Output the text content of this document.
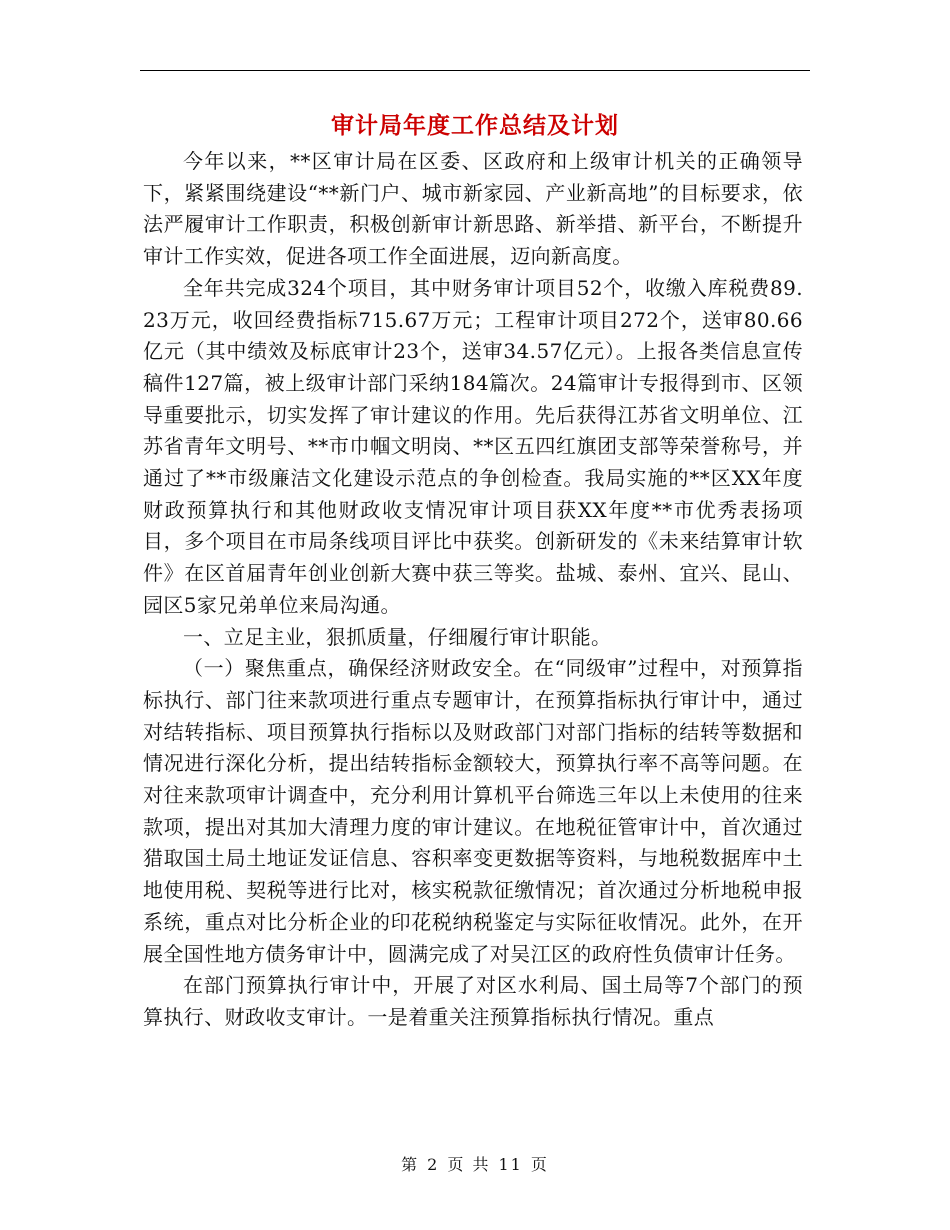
审计局年度工作总结及计划

今年以来，**区审计局在区委、区政府和上级审计机关的正确领导下，紧紧围绕建设“**新门户、城市新家园、产业新高地”的目标要求，依法严履审计工作职责，积极创新审计新思路、新举措、新平台，不断提升审计工作实效，促进各项工作全面进展，迈向新高度。

全年共完成324个项目，其中财务审计项目52个，收缴入库税费89.23万元，收回经费指标715.67万元；工程审计项目272个，送审80.66亿元（其中绩效及标底审计23个，送审34.57亿元）。上报各类信息宣传稿件127篇，被上级审计部门采纳184篇次。24篇审计专报得到市、区领导重要批示，切实发挥了审计建议的作用。先后获得江苏省文明单位、江苏省青年文明号、**市巾帼文明岗、**区五四红旗团支部等荣誉称号，并通过了**市级廉洁文化建设示范点的争创检查。我局实施的**区XX年度财政预算执行和其他财政收支情况审计项目获XX年度**市优秀表扬项目，多个项目在市局条线项目评比中获奖。创新研发的《未来结算审计软件》在区首届青年创业创新大赛中获三等奖。盐城、泰州、宜兴、昆山、园区5家兄弟单位来局沟通。

一、立足主业，狠抓质量，仔细履行审计职能。

（一）聚焦重点，确保经济财政安全。在“同级审”过程中，对预算指标执行、部门往来款项进行重点专题审计，在预算指标执行审计中，通过对结转指标、项目预算执行指标以及财政部门对部门指标的结转等数据和情况进行深化分析，提出结转指标金额较大，预算执行率不高等问题。在对往来款项审计调查中，充分利用计算机平台筛选三年以上未使用的往来款项，提出对其加大清理力度的审计建议。在地税征管审计中，首次通过猎取国土局土地证发证信息、容积率变更数据等资料，与地税数据库中土地使用税、契税等进行比对，核实税款征缴情况；首次通过分析地税申报系统，重点对比分析企业的印花税纳税鉴定与实际征收情况。此外，在开展全国性地方债务审计中，圆满完成了对吴江区的政府性负债审计任务。

在部门预算执行审计中，开展了对区水利局、国土局等7个部门的预算执行、财政收支审计。一是着重关注预算指标执行情况。重点

第 2 页 共 11 页
